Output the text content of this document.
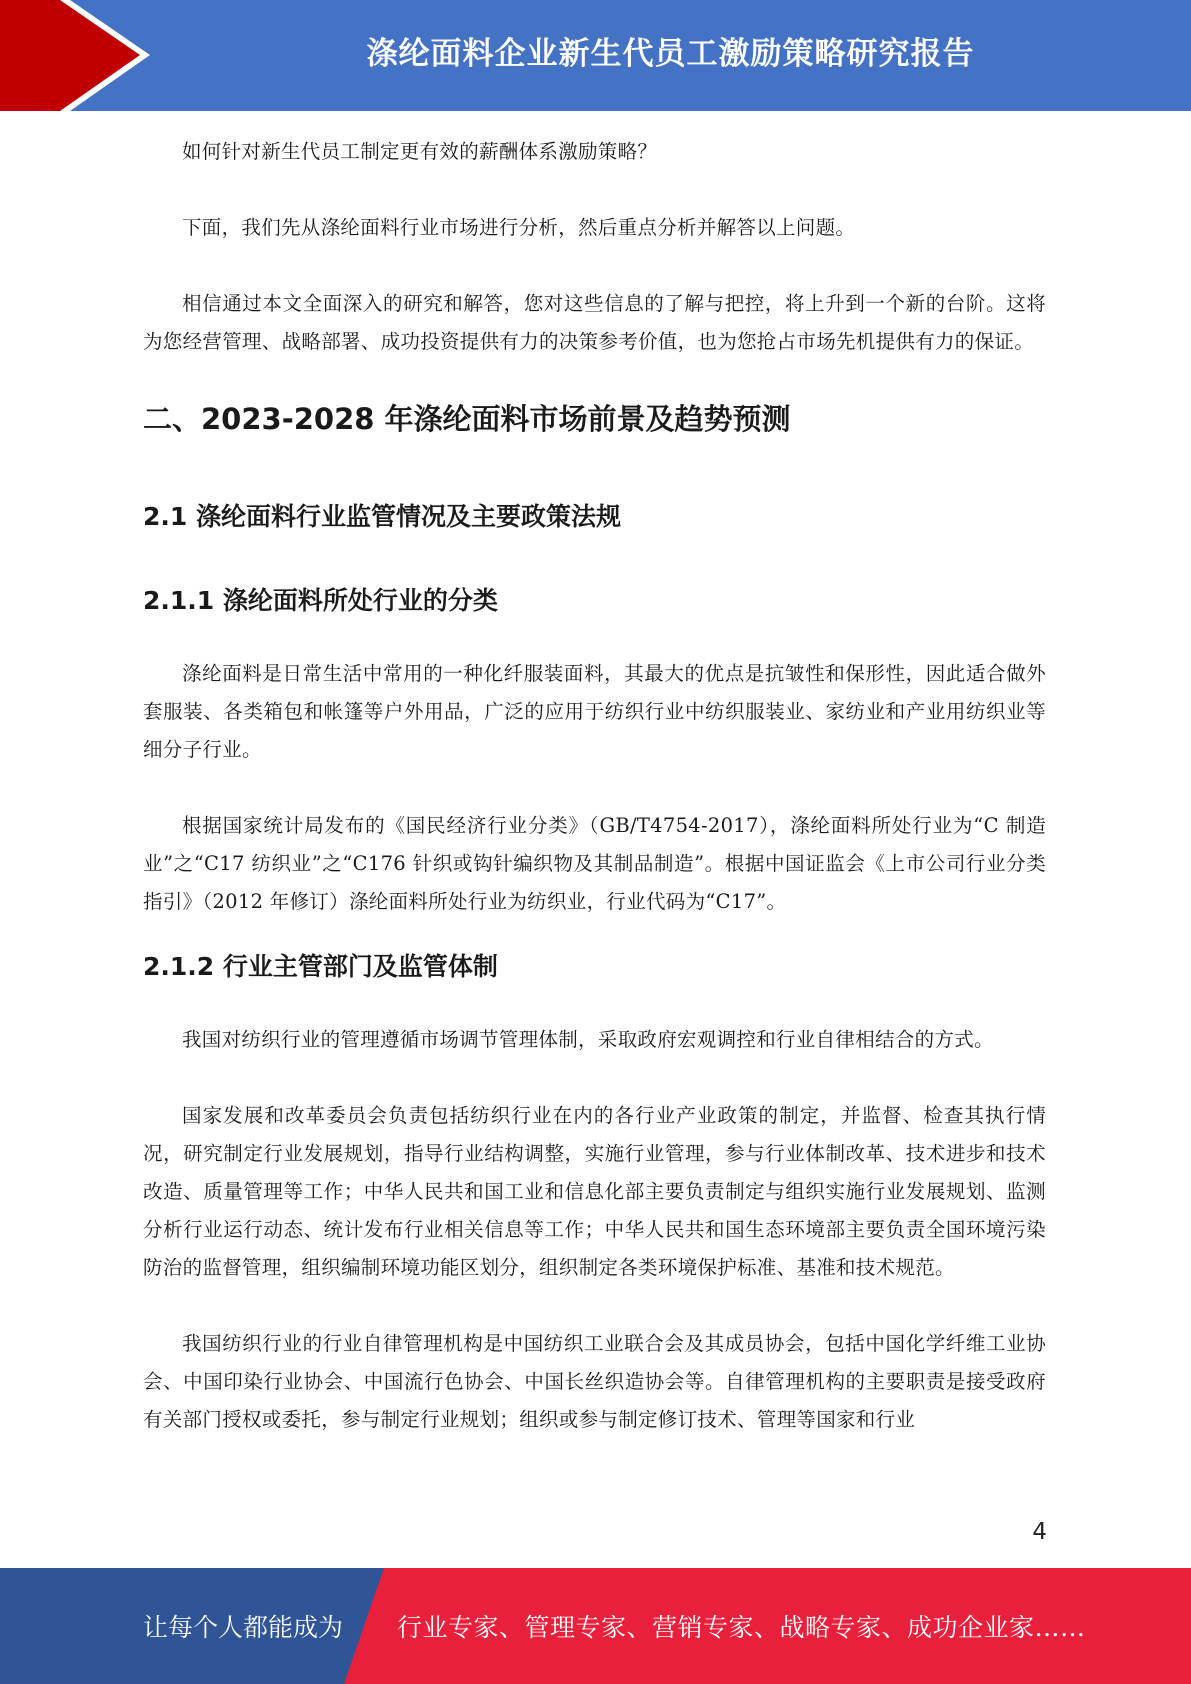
涤纶面料企业新生代员工激励策略研究报告

如何针对新生代员工制定更有效的薪酬体系激励策略？

下面，我们先从涤纶面料行业市场进行分析，然后重点分析并解答以上问题。

相信通过本文全面深入的研究和解答，您对这些信息的了解与把控，将上升到一个新的台阶。这将为您经营管理、战略部署、成功投资提供有力的决策参考价值，也为您抢占市场先机提供有力的保证。

二、2023-2028 年涤纶面料市场前景及趋势预测
2.1 涤纶面料行业监管情况及主要政策法规
2.1.1 涤纶面料所处行业的分类

涤纶面料是日常生活中常用的一种化纤服装面料，其最大的优点是抗皱性和保形性，因此适合做外套服装、各类箱包和帐篷等户外用品，广泛的应用于纺织行业中纺织服装业、家纺业和产业用纺织业等细分子行业。

根据国家统计局发布的《国民经济行业分类》（GB/T4754-2017），涤纶面料所处行业为“C 制造业”之“C17 纺织业”之“C176 针织或钩针编织物及其制品制造”。根据中国证监会《上市公司行业分类指引》（2012 年修订）涤纶面料所处行业为纺织业，行业代码为“C17”。

2.1.2 行业主管部门及监管体制

我国对纺织行业的管理遵循市场调节管理体制，采取政府宏观调控和行业自律相结合的方式。

国家发展和改革委员会负责包括纺织行业在内的各行业产业政策的制定，并监督、检查其执行情况，研究制定行业发展规划，指导行业结构调整，实施行业管理，参与行业体制改革、技术进步和技术改造、质量管理等工作；中华人民共和国工业和信息化部主要负责制定与组织实施行业发展规划、监测分析行业运行动态、统计发布行业相关信息等工作；中华人民共和国生态环境部主要负责全国环境污染防治的监督管理，组织编制环境功能区划分，组织制定各类环境保护标准、基准和技术规范。

我国纺织行业的行业自律管理机构是中国纺织工业联合会及其成员协会，包括中国化学纤维工业协会、中国印染行业协会、中国流行色协会、中国长丝织造协会等。自律管理机构的主要职责是接受政府有关部门授权或委托，参与制定行业规划；组织或参与制定修订技术、管理等国家和行业

4
让每个人都能成为 行业专家、管理专家、营销专家、战略专家、成功企业家……
